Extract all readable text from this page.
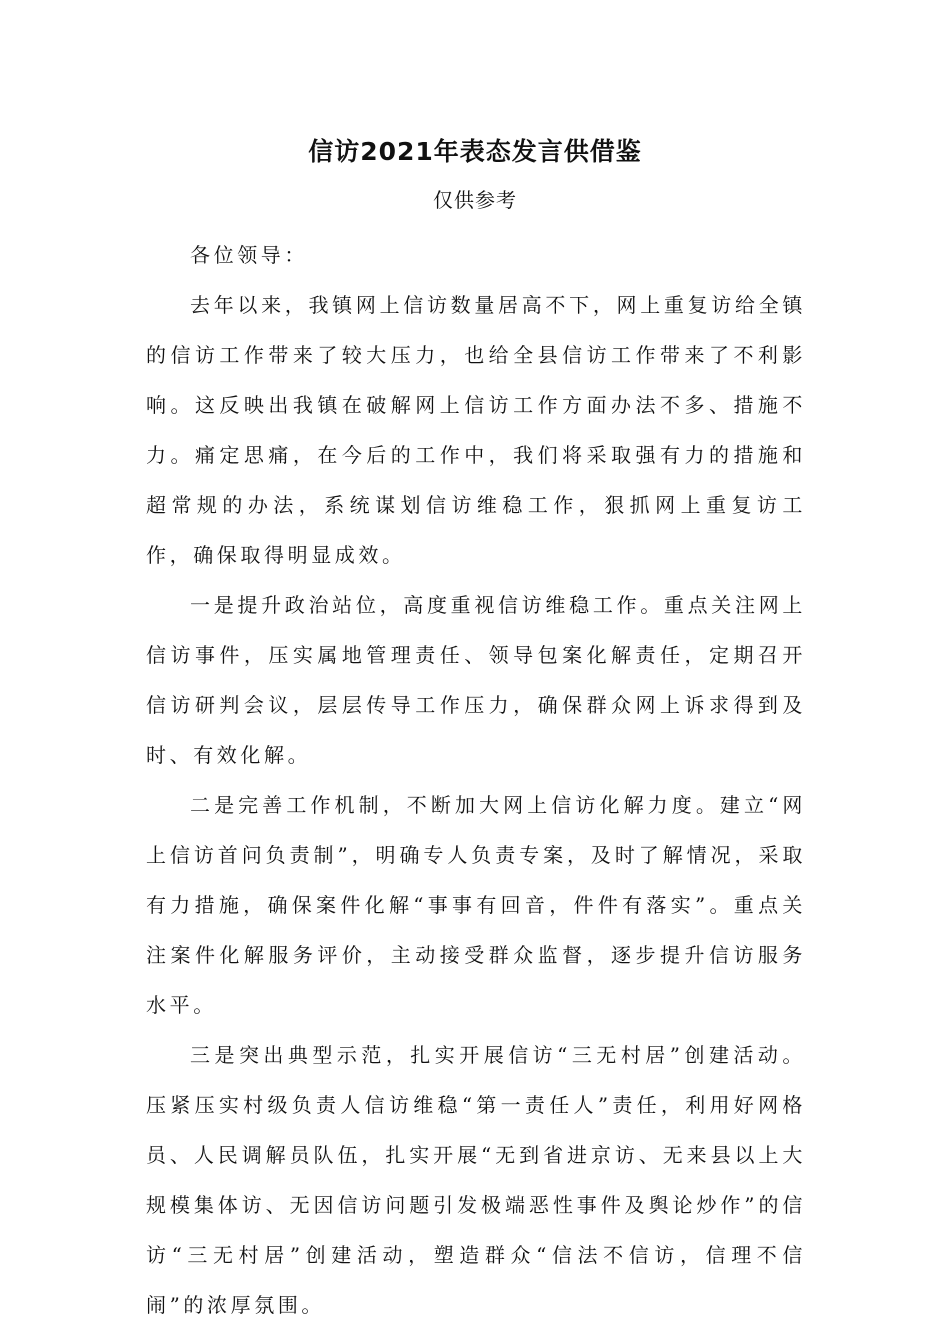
信访2021年表态发言供借鉴
仅供参考

各位领导：

去年以来，我镇网上信访数量居高不下，网上重复访给全镇的信访工作带来了较大压力，也给全县信访工作带来了不利影响。这反映出我镇在破解网上信访工作方面办法不多、措施不力。痛定思痛，在今后的工作中，我们将采取强有力的措施和超常规的办法，系统谋划信访维稳工作，狠抓网上重复访工作，确保取得明显成效。

一是提升政治站位，高度重视信访维稳工作。重点关注网上信访事件，压实属地管理责任、领导包案化解责任，定期召开信访研判会议，层层传导工作压力，确保群众网上诉求得到及时、有效化解。

二是完善工作机制，不断加大网上信访化解力度。建立“网上信访首问负责制”，明确专人负责专案，及时了解情况，采取有力措施，确保案件化解“事事有回音，件件有落实”。重点关注案件化解服务评价，主动接受群众监督，逐步提升信访服务水平。

三是突出典型示范，扎实开展信访“三无村居”创建活动。压紧压实村级负责人信访维稳“第一责任人”责任，利用好网格员、人民调解员队伍，扎实开展“无到省进京访、无来县以上大规模集体访、无因信访问题引发极端恶性事件及舆论炒作”的信访“三无村居”创建活动，塑造群众“信法不信访，信理不信闹”的浓厚氛围。
